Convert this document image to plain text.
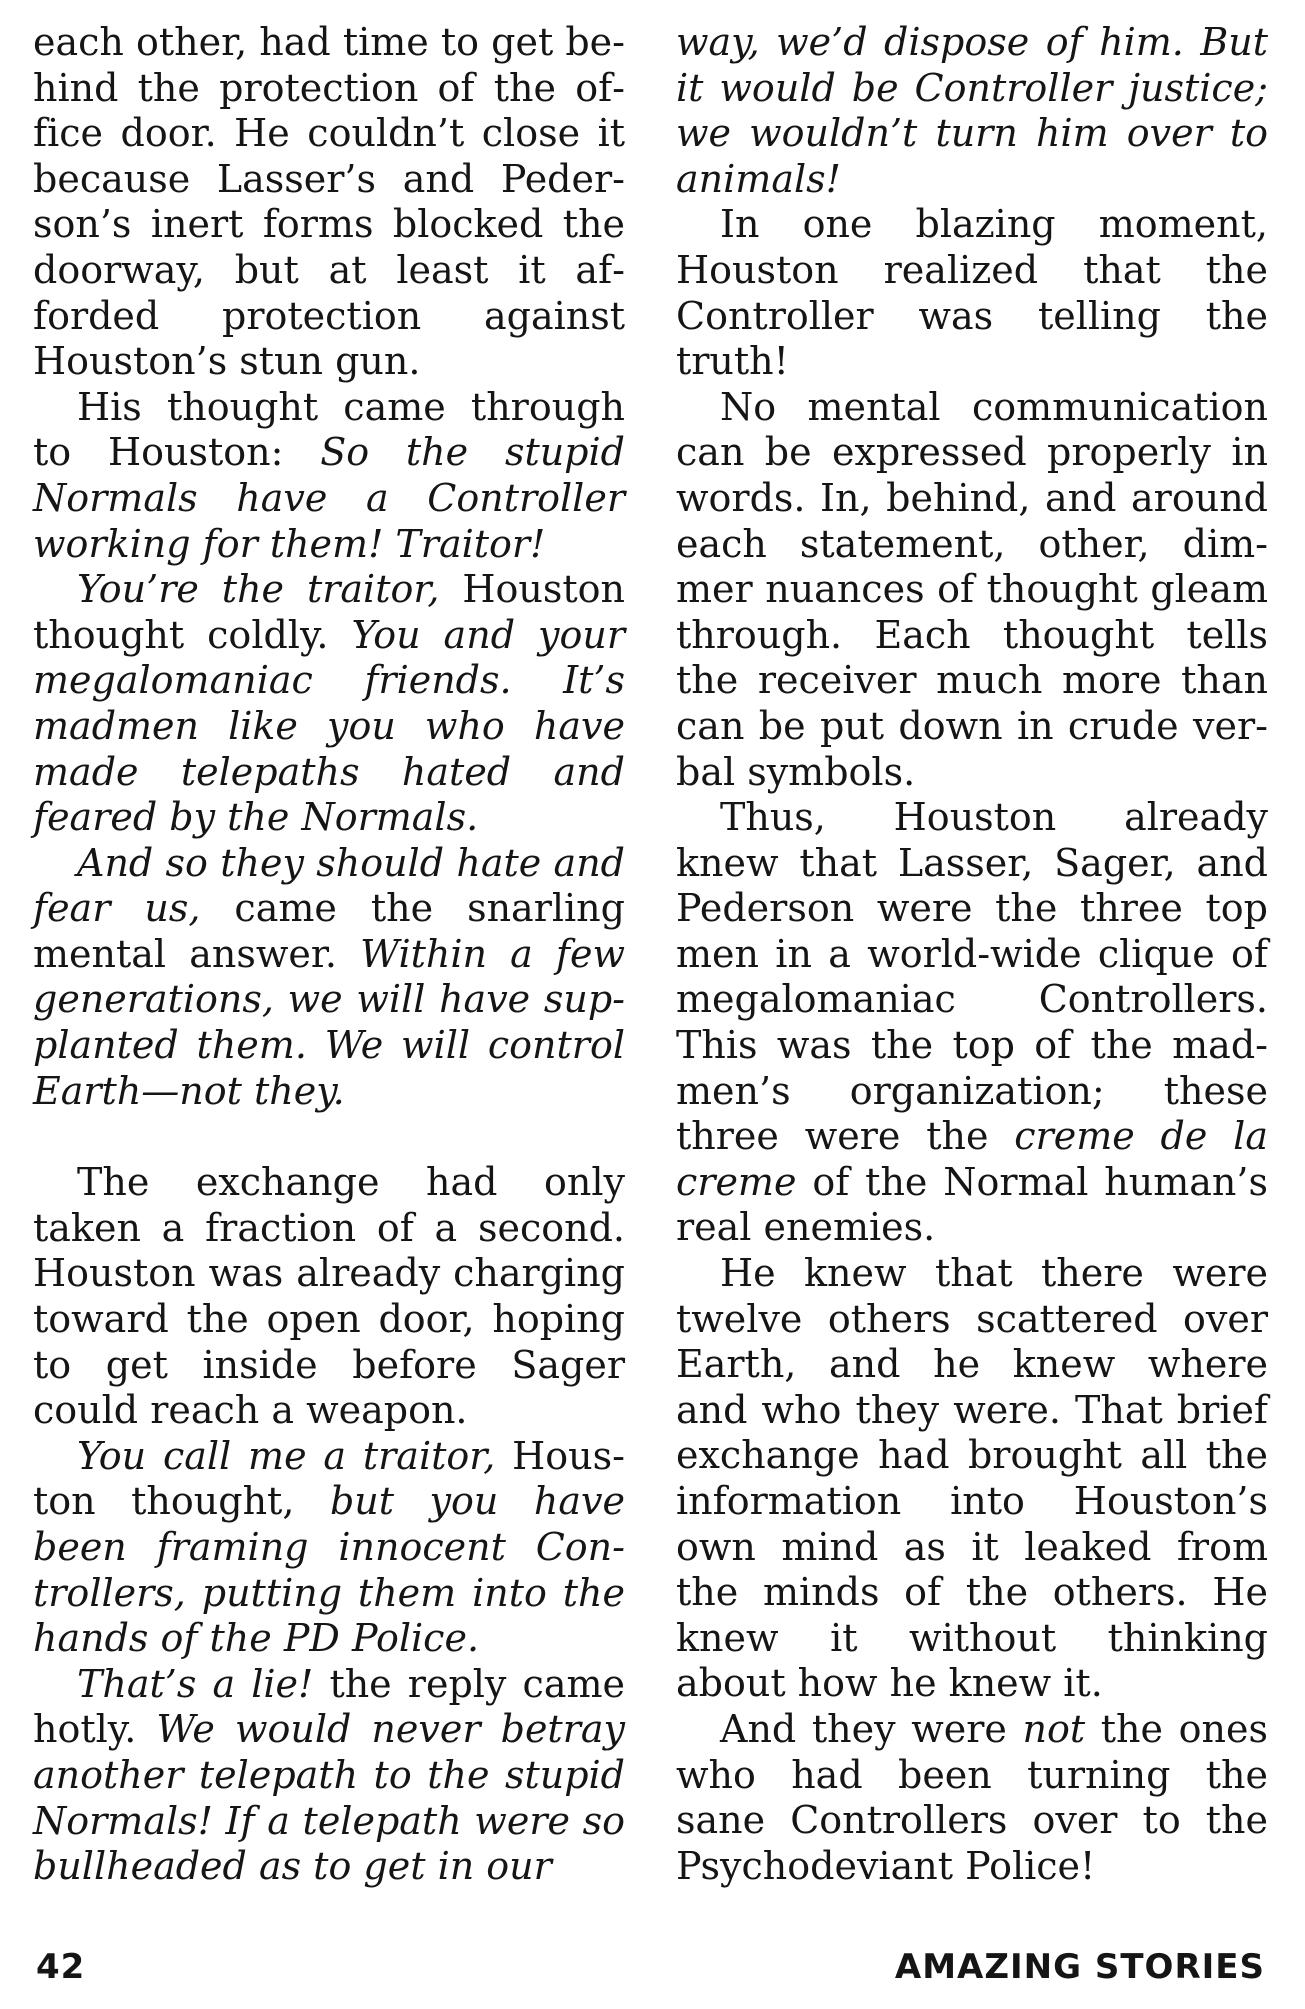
each other, had time to get behind the protection of the office door. He couldn’t close it because Lasser’s and Pederson’s inert forms blocked the doorway, but at least it afforded protection against Houston’s stun gun.

His thought came through to Houston: So the stupid Normals have a Controller working for them! Traitor!

You’re the traitor, Houston thought coldly. You and your megalomaniac friends. It’s madmen like you who have made telepaths hated and feared by the Normals.

And so they should hate and fear us, came the snarling mental answer. Within a few generations, we will have supplanted them. We will control Earth—not they.

The exchange had only taken a fraction of a second. Houston was already charging toward the open door, hoping to get inside before Sager could reach a weapon.

You call me a traitor, Houston thought, but you have been framing innocent Controllers, putting them into the hands of the PD Police.

That’s a lie! the reply came hotly. We would never betray another telepath to the stupid Normals! If a telepath were so bullheaded as to get in our

way, we’d dispose of him. But it would be Controller justice; we wouldn’t turn him over to animals!

In one blazing moment, Houston realized that the Controller was telling the truth!

No mental communication can be expressed properly in words. In, behind, and around each statement, other, dimmer nuances of thought gleam through. Each thought tells the receiver much more than can be put down in crude verbal symbols.

Thus, Houston already knew that Lasser, Sager, and Pederson were the three top men in a world-wide clique of megalomaniac Controllers. This was the top of the madmen’s organization; these three were the creme de la creme of the Normal human’s real enemies.

He knew that there were twelve others scattered over Earth, and he knew where and who they were. That brief exchange had brought all the information into Houston’s own mind as it leaked from the minds of the others. He knew it without thinking about how he knew it.

And they were not the ones who had been turning the sane Controllers over to the Psychodeviant Police!

42	AMAZING STORIES
